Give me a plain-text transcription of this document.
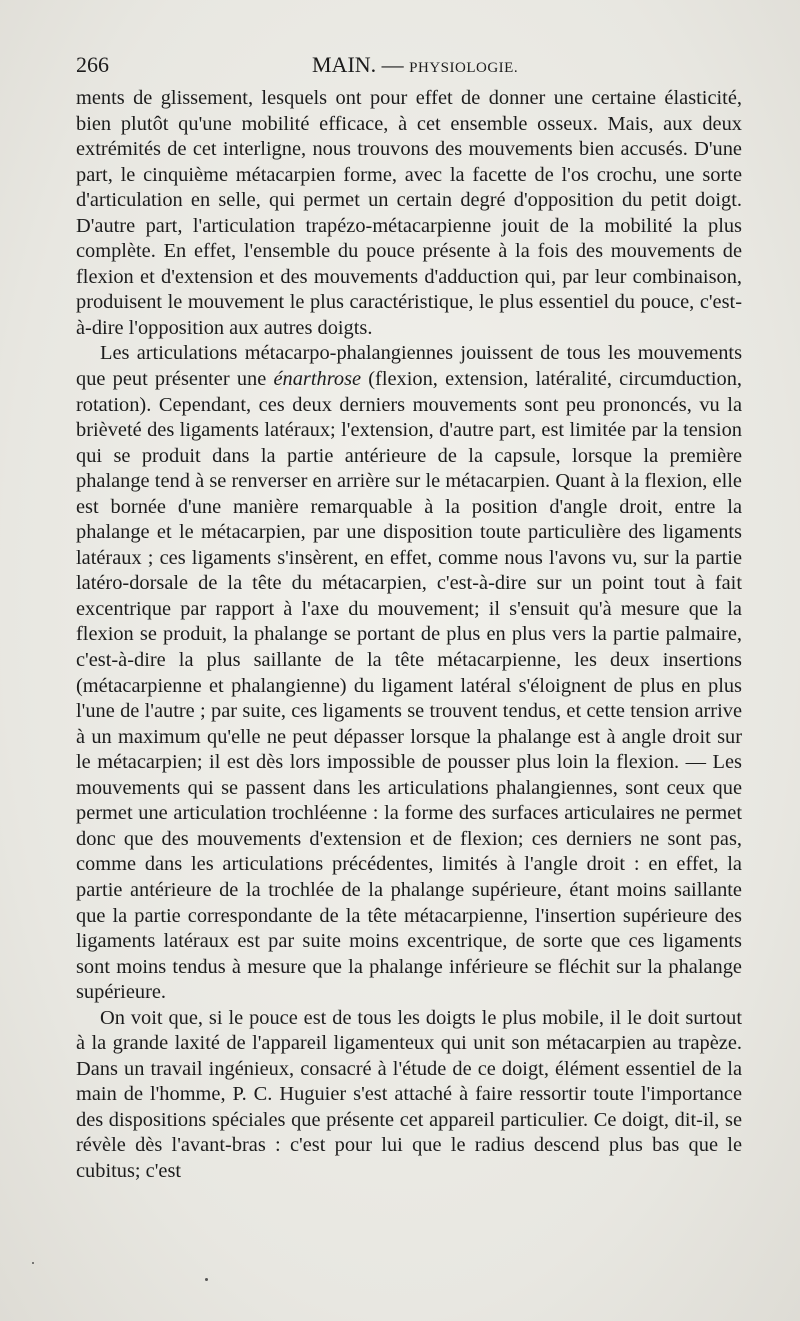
266	MAIN. — PHYSIOLOGIE.

ments de glissement, lesquels ont pour effet de donner une certaine élasticité, bien plutôt qu'une mobilité efficace, à cet ensemble osseux. Mais, aux deux extrémités de cet interligne, nous trouvons des mouvements bien accusés. D'une part, le cinquième métacarpien forme, avec la facette de l'os crochu, une sorte d'articulation en selle, qui permet un certain degré d'opposition du petit doigt. D'autre part, l'articulation trapézo-métacarpienne jouit de la mobilité la plus complète. En effet, l'ensemble du pouce présente à la fois des mouvements de flexion et d'extension et des mouvements d'adduction qui, par leur combinaison, produisent le mouvement le plus caractéristique, le plus essentiel du pouce, c'est-à-dire l'opposition aux autres doigts.

Les articulations métacarpo-phalangiennes jouissent de tous les mouvements que peut présenter une énarthrose (flexion, extension, latéralité, circumduction, rotation). Cependant, ces deux derniers mouvements sont peu prononcés, vu la brièveté des ligaments latéraux; l'extension, d'autre part, est limitée par la tension qui se produit dans la partie antérieure de la capsule, lorsque la première phalange tend à se renverser en arrière sur le métacarpien. Quant à la flexion, elle est bornée d'une manière remarquable à la position d'angle droit, entre la phalange et le métacarpien, par une disposition toute particulière des ligaments latéraux ; ces ligaments s'insèrent, en effet, comme nous l'avons vu, sur la partie latéro-dorsale de la tête du métacarpien, c'est-à-dire sur un point tout à fait excentrique par rapport à l'axe du mouvement; il s'ensuit qu'à mesure que la flexion se produit, la phalange se portant de plus en plus vers la partie palmaire, c'est-à-dire la plus saillante de la tête métacarpienne, les deux insertions (métacarpienne et phalangienne) du ligament latéral s'éloignent de plus en plus l'une de l'autre ; par suite, ces ligaments se trouvent tendus, et cette tension arrive à un maximum qu'elle ne peut dépasser lorsque la phalange est à angle droit sur le métacarpien; il est dès lors impossible de pousser plus loin la flexion. — Les mouvements qui se passent dans les articulations phalangiennes, sont ceux que permet une articulation trochléenne : la forme des surfaces articulaires ne permet donc que des mouvements d'extension et de flexion; ces derniers ne sont pas, comme dans les articulations précédentes, limités à l'angle droit : en effet, la partie antérieure de la trochlée de la phalange supérieure, étant moins saillante que la partie correspondante de la tête métacarpienne, l'insertion supérieure des ligaments latéraux est par suite moins excentrique, de sorte que ces ligaments sont moins tendus à mesure que la phalange inférieure se fléchit sur la phalange supérieure.

On voit que, si le pouce est de tous les doigts le plus mobile, il le doit surtout à la grande laxité de l'appareil ligamenteux qui unit son métacarpien au trapèze. Dans un travail ingénieux, consacré à l'étude de ce doigt, élément essentiel de la main de l'homme, P. C. Huguier s'est attaché à faire ressortir toute l'importance des dispositions spéciales que présente cet appareil particulier. Ce doigt, dit-il, se révèle dès l'avant-bras : c'est pour lui que le radius descend plus bas que le cubitus; c'est
